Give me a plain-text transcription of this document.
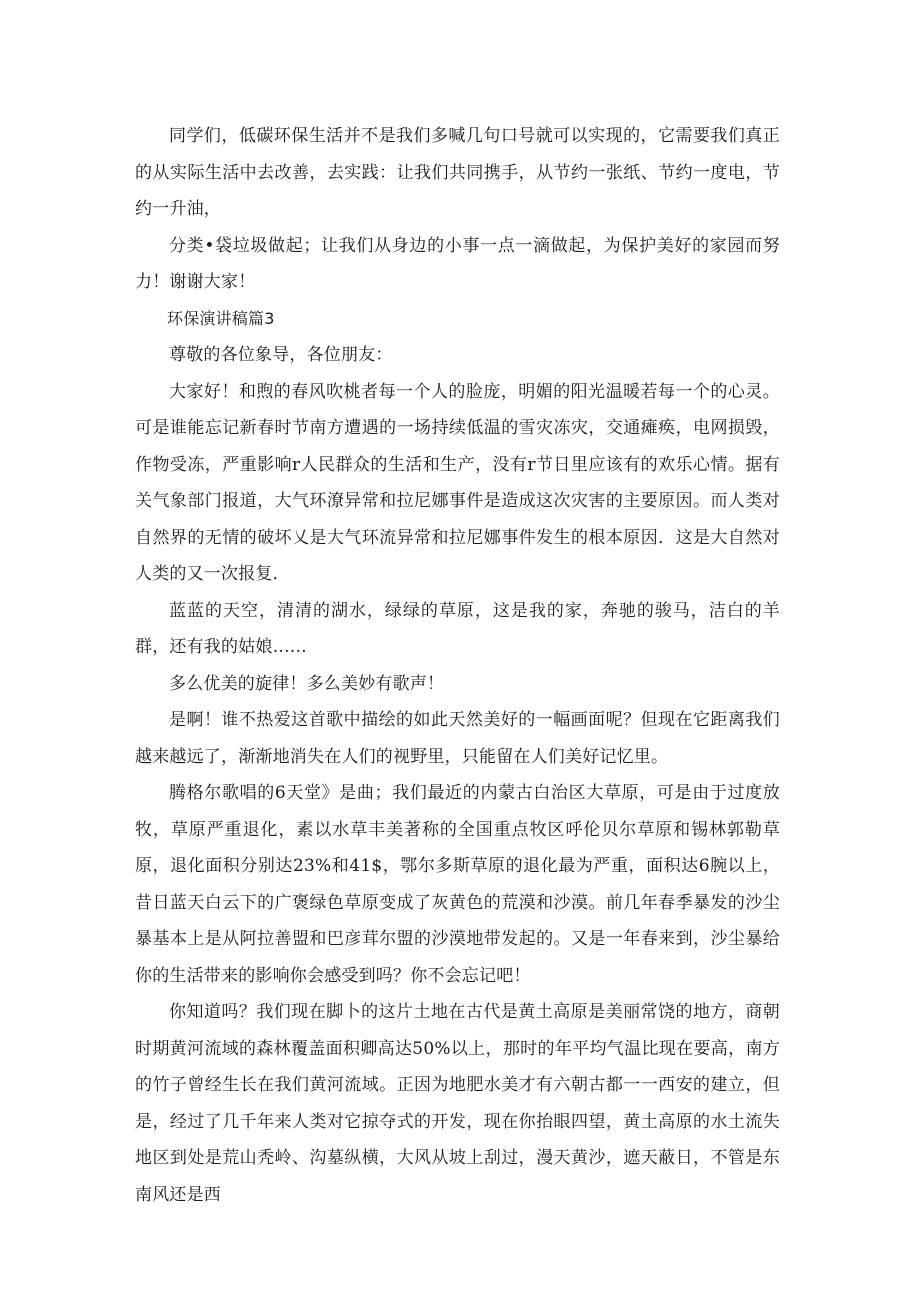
同学们，低碳环保生活并不是我们多喊几句口号就可以实现的，它需要我们真正的从实际生活中去改善，去实践：让我们共同携手，从节约一张纸、节约一度电，节约一升油，

分类•袋垃圾做起；让我们从身边的小事一点一滴做起，为保护美好的家园而努力！谢谢大家！

环保演讲稿篇3

尊敬的各位象导，各位朋友：

大家好！和煦的春风吹桃者每一个人的脸庞，明媚的阳光温暖若每一个的心灵。可是谁能忘记新春时节南方遭遇的一场持续低温的雪灾冻灾，交通瘫痪，电网损毁，作物受冻，严重影响r人民群众的生活和生产，没有r节日里应该有的欢乐心情。据有关气象部门报道，大气环潦异常和拉尼娜事件是造成这次灾害的主要原因。而人类对自然界的无情的破坏乂是大气环流异常和拉尼娜事件发生的根本原因．这是大自然对人类的又一次报复．

蓝蓝的天空，清清的湖水，绿绿的草原，这是我的家，奔驰的骏马，洁白的羊群，还有我的姑娘……

多么优美的旋律！多么美妙有歌声！

是啊！谁不热爱这首歌中描绘的如此天然美好的一幅画面呢？但现在它距离我们越来越远了，渐渐地消失在人们的视野里，只能留在人们美好记忆里。

腾格尔歌唱的6天堂》是曲；我们最近的内蒙古白治区大草原，可是由于过度放牧，草原严重退化，素以水草丰美著称的全国重点牧区呼伦贝尔草原和锡林郭勒草原，退化面积分别达23%和41$，鄂尔多斯草原的退化最为严重，面积达6腕以上，昔日蓝天白云下的广褒绿色草原变成了灰黄色的荒漠和沙漠。前几年春季暴发的沙尘暴基本上是从阿拉善盟和巴彦茸尔盟的沙漠地带发起的。又是一年春来到，沙尘暴给你的生活带来的影响你会感受到吗？你不会忘记吧！

你知道吗？我们现在脚卜的这片土地在古代是黄土高原是美丽常饶的地方，商朝时期黄河流域的森林覆盖面积卿高达50%以上，那时的年平均气温比现在要高，南方的竹子曾经生长在我们黄河流域。正因为地肥水美才有六朝古都一一西安的建立，但是，经过了几千年来人类对它掠夺式的开发，现在你抬眼四望，黄土高原的水土流失地区到处是荒山秃岭、沟墓纵横，大风从坡上刮过，漫天黄沙，遮天蔽日，不管是东南风还是西
